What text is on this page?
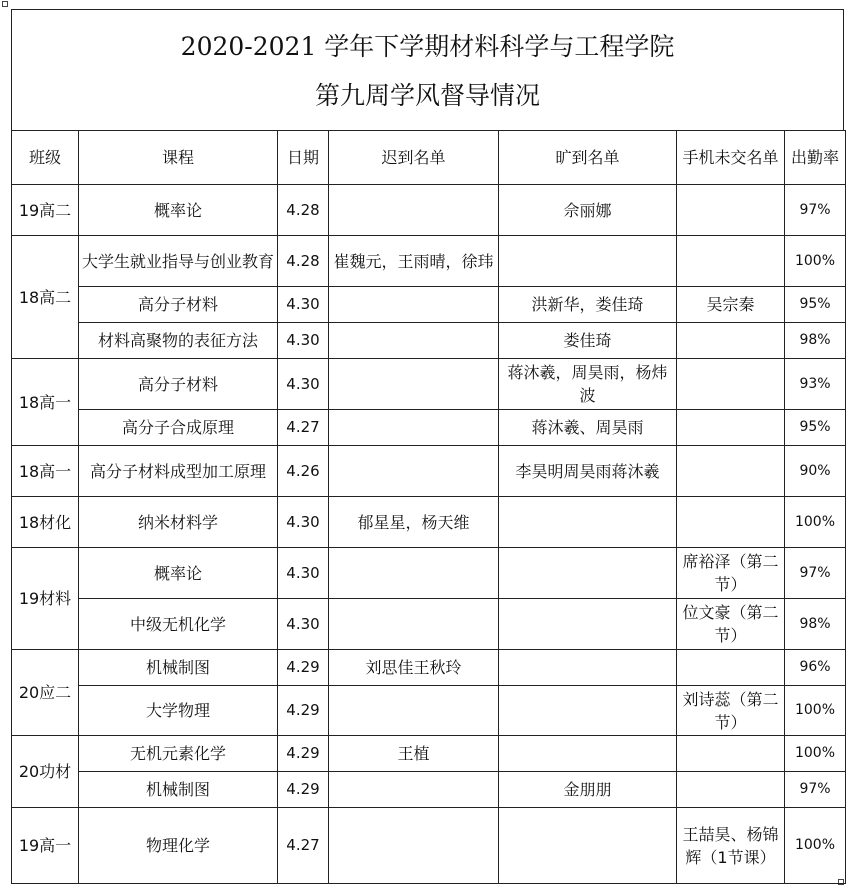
2020-2021 学年下学期材料科学与工程学院
第九周学风督导情况
班级	课程	日期	迟到名单	旷到名单	手机未交名单	出勤率
19高二	概率论	4.28		佘丽娜		97%
18高二	大学生就业指导与创业教育	4.28	崔魏元，王雨晴，徐玮			100%
	高分子材料	4.30		洪新华，娄佳琦	吴宗秦	95%
	材料高聚物的表征方法	4.30		娄佳琦		98%
18高一	高分子材料	4.30		蒋沐羲，周昊雨，杨炜波		93%
	高分子合成原理	4.27		蒋沐羲、周昊雨		95%
18高一	高分子材料成型加工原理	4.26		李昊明周昊雨蒋沐羲		90%
18材化	纳米材料学	4.30	郁星星，杨天维			100%
19材料	概率论	4.30			席裕泽（第二节）	97%
	中级无机化学	4.30			位文豪（第二节）	98%
20应二	机械制图	4.29	刘思佳王秋玲			96%
	大学物理	4.29			刘诗蕊（第二节）	100%
20功材	无机元素化学	4.29	王植			100%
	机械制图	4.29		金朋朋		97%
19高一	物理化学	4.27			王喆昊、杨锦辉（1节课）	100%
